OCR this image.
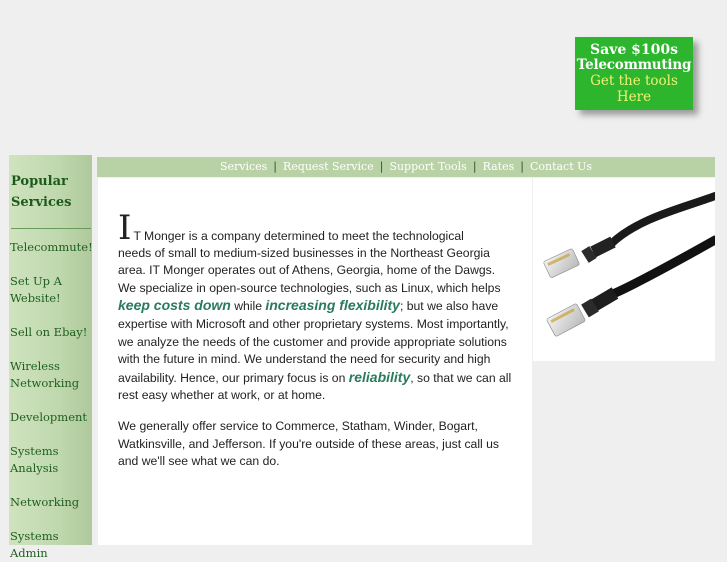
Save $100s
Telecommuting
Get the tools
Here
Popular
Services
Telecommute!
Set Up A Website!
Sell on Ebay!
Wireless Networking
Development
Systems Analysis
Networking
Systems Admin
Services | Request Service | Support Tools | Rates | Contact Us

I T Monger is a company determined to meet the technological
needs of small to medium-sized businesses in the Northeast Georgia area. IT Monger operates out of Athens, Georgia, home of the Dawgs. We specialize in open-source technologies, such as Linux, which helps keep costs down while increasing flexibility; but we also have expertise with Microsoft and other proprietary systems. Most importantly, we analyze the needs of the customer and provide appropriate solutions with the future in mind. We understand the need for security and high availability. Hence, our primary focus is on reliability, so that we can all rest easy whether at work, or at home.

We generally offer service to Commerce, Statham, Winder, Bogart, Watkinsville, and Jefferson. If you're outside of these areas, just call us and we'll see what we can do.
